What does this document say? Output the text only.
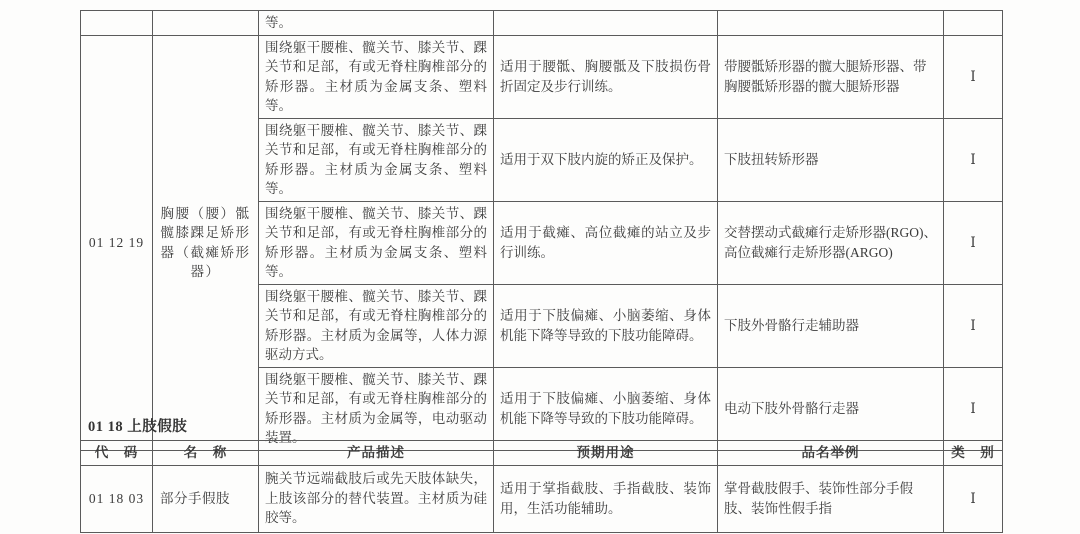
		等。			
01 12 19	胸腰（腰）骶髋膝踝足矫形器（截瘫矫形器）	围绕躯干腰椎、髋关节、膝关节、踝关节和足部，有或无脊柱胸椎部分的矫形器。主材质为金属支条、塑料等。	适用于腰骶、胸腰骶及下肢损伤骨折固定及步行训练。	带腰骶矫形器的髋大腿矫形器、带胸腰骶矫形器的髋大腿矫形器	Ⅰ
		围绕躯干腰椎、髋关节、膝关节、踝关节和足部，有或无脊柱胸椎部分的矫形器。主材质为金属支条、塑料等。	适用于双下肢内旋的矫正及保护。	下肢扭转矫形器	Ⅰ
		围绕躯干腰椎、髋关节、膝关节、踝关节和足部，有或无脊柱胸椎部分的矫形器。主材质为金属支条、塑料等。	适用于截瘫、高位截瘫的站立及步行训练。	交替摆动式截瘫行走矫形器(RGO)、高位截瘫行走矫形器(ARGO)	Ⅰ
		围绕躯干腰椎、髋关节、膝关节、踝关节和足部，有或无脊柱胸椎部分的矫形器。主材质为金属等，人体力源驱动方式。	适用于下肢偏瘫、小脑萎缩、身体机能下降等导致的下肢功能障碍。	下肢外骨骼行走辅助器	Ⅰ
		围绕躯干腰椎、髋关节、膝关节、踝关节和足部，有或无脊柱胸椎部分的矫形器。主材质为金属等，电动驱动装置。	适用于下肢偏瘫、小脑萎缩、身体机能下降等导致的下肢功能障碍。	电动下肢外骨骼行走器	Ⅰ
01 18 上肢假肢
代　码	名　称	产品描述	预期用途	品名举例	类　别
01 18 03	部分手假肢	腕关节远端截肢后或先天肢体缺失，上肢该部分的替代装置。主材质为硅胶等。	适用于掌指截肢、手指截肢、装饰用，生活功能辅助。	掌骨截肢假手、装饰性部分手假肢、装饰性假手指	Ⅰ
